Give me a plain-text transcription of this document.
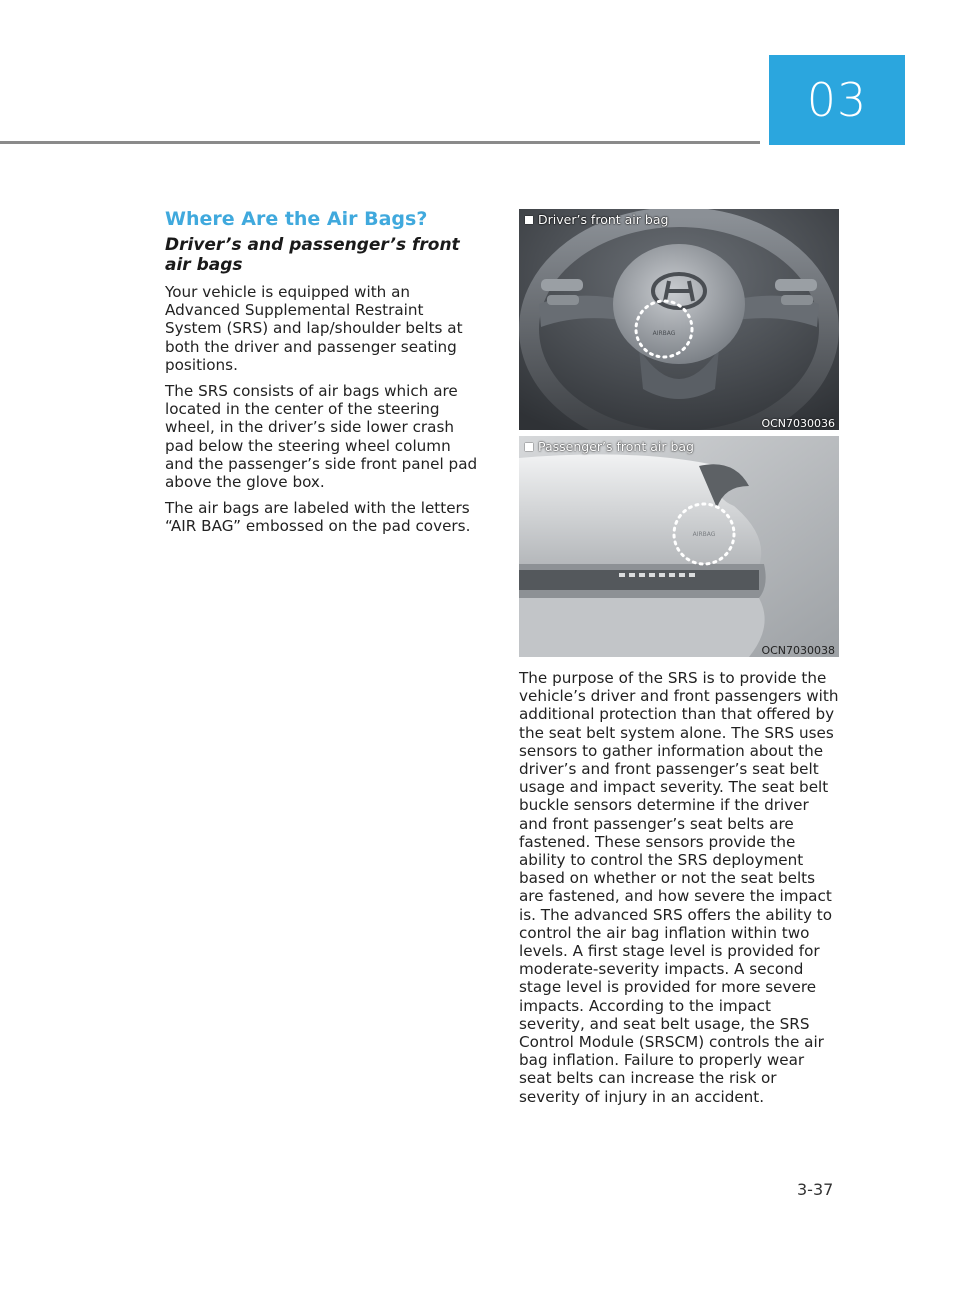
03
Where Are the Air Bags?
Driver’s and passenger’s front air bags

Your vehicle is equipped with an Advanced Supplemental Restraint System (SRS) and lap/shoulder belts at both the driver and passenger seating positions.

The SRS consists of air bags which are located in the center of the steering wheel, in the driver’s side lower crash pad below the steering wheel column and the passenger’s side front panel pad above the glove box.

The air bags are labeled with the letters “AIR BAG” embossed on the pad covers.

AIRBAG
Driver’s front air bag
OCN7030036
AIRBAG
Passenger’s front air bag
OCN7030038

The purpose of the SRS is to provide the vehicle’s driver and front passengers with additional protection than that offered by the seat belt system alone. The SRS uses sensors to gather information about the driver’s and front passenger’s seat belt usage and impact severity. The seat belt buckle sensors determine if the driver and front passenger’s seat belts are fastened. These sensors provide the ability to control the SRS deployment based on whether or not the seat belts are fastened, and how severe the impact is. The advanced SRS offers the ability to control the air bag inflation within two levels. A first stage level is provided for moderate-severity impacts. A second stage level is provided for more severe impacts. According to the impact severity, and seat belt usage, the SRS Control Module (SRSCM) controls the air bag inflation. Failure to properly wear seat belts can increase the risk or severity of injury in an accident.

3-37
